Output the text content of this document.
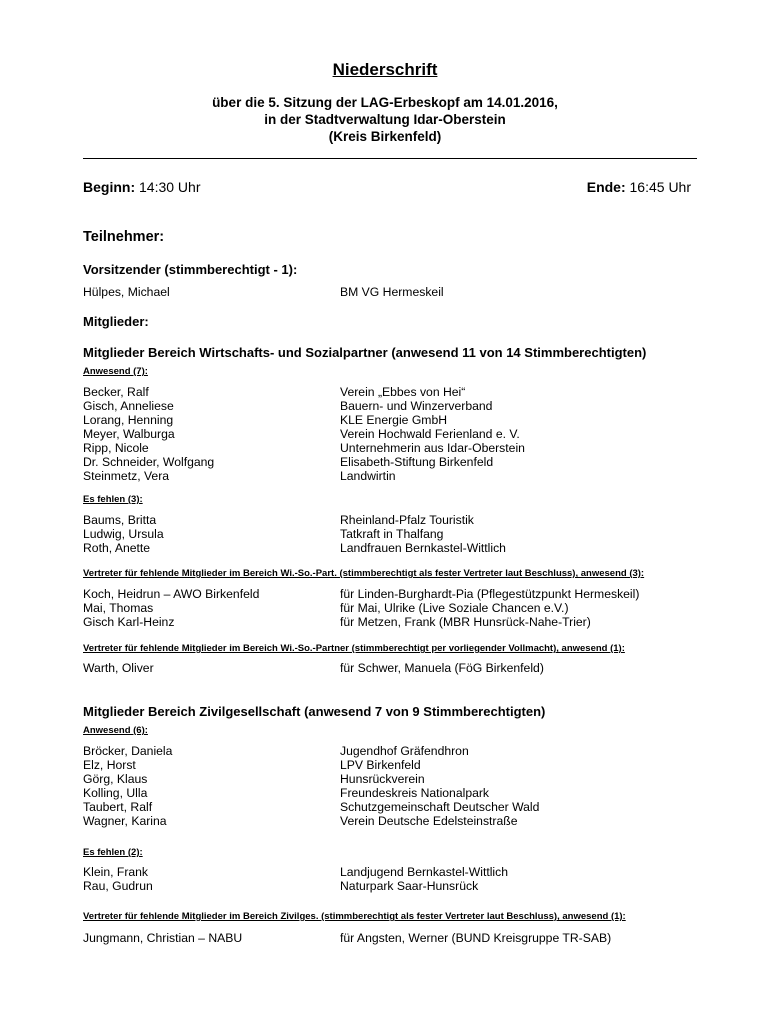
Niederschrift
über die 5. Sitzung der LAG-Erbeskopf am 14.01.2016,
in der Stadtverwaltung Idar-Oberstein
(Kreis Birkenfeld)
Beginn: 14:30 Uhr	Ende: 16:45 Uhr
Teilnehmer:
Vorsitzender (stimmberechtigt - 1):
Hülpes, Michael	BM VG Hermeskeil
Mitglieder:
Mitglieder Bereich Wirtschafts- und Sozialpartner (anwesend 11 von 14 Stimmberechtigten)
Anwesend (7):
Becker, Ralf	Verein „Ebbes von Hei“
Gisch, Anneliese	Bauern- und Winzerverband
Lorang, Henning	KLE Energie GmbH
Meyer, Walburga	Verein Hochwald Ferienland e. V.
Ripp, Nicole	Unternehmerin aus Idar-Oberstein
Dr. Schneider, Wolfgang	Elisabeth-Stiftung Birkenfeld
Steinmetz, Vera	Landwirtin
Es fehlen (3):
Baums, Britta	Rheinland-Pfalz Touristik
Ludwig, Ursula	Tatkraft in Thalfang
Roth, Anette	Landfrauen Bernkastel-Wittlich
Vertreter für fehlende Mitglieder im Bereich Wi.-So.-Part. (stimmberechtigt als fester Vertreter laut Beschluss), anwesend (3):
Koch, Heidrun – AWO Birkenfeld	für Linden-Burghardt-Pia (Pflegestützpunkt Hermeskeil)
Mai, Thomas	für Mai, Ulrike (Live Soziale Chancen e.V.)
Gisch Karl-Heinz	für Metzen, Frank (MBR Hunsrück-Nahe-Trier)
Vertreter für fehlende Mitglieder im Bereich Wi.-So.-Partner (stimmberechtigt per vorliegender Vollmacht), anwesend (1):
Warth, Oliver	für Schwer, Manuela (FöG Birkenfeld)
Mitglieder Bereich Zivilgesellschaft (anwesend 7 von 9 Stimmberechtigten)
Anwesend (6):
Bröcker, Daniela	Jugendhof Gräfendhron
Elz, Horst	LPV Birkenfeld
Görg, Klaus	Hunsrückverein
Kolling, Ulla	Freundeskreis Nationalpark
Taubert, Ralf	Schutzgemeinschaft Deutscher Wald
Wagner, Karina	Verein Deutsche Edelsteinstraße
Es fehlen (2):
Klein, Frank	Landjugend Bernkastel-Wittlich
Rau, Gudrun	Naturpark Saar-Hunsrück
Vertreter für fehlende Mitglieder im Bereich Zivilges. (stimmberechtigt als fester Vertreter laut Beschluss), anwesend (1):
Jungmann, Christian – NABU	für Angsten, Werner (BUND Kreisgruppe TR-SAB)
